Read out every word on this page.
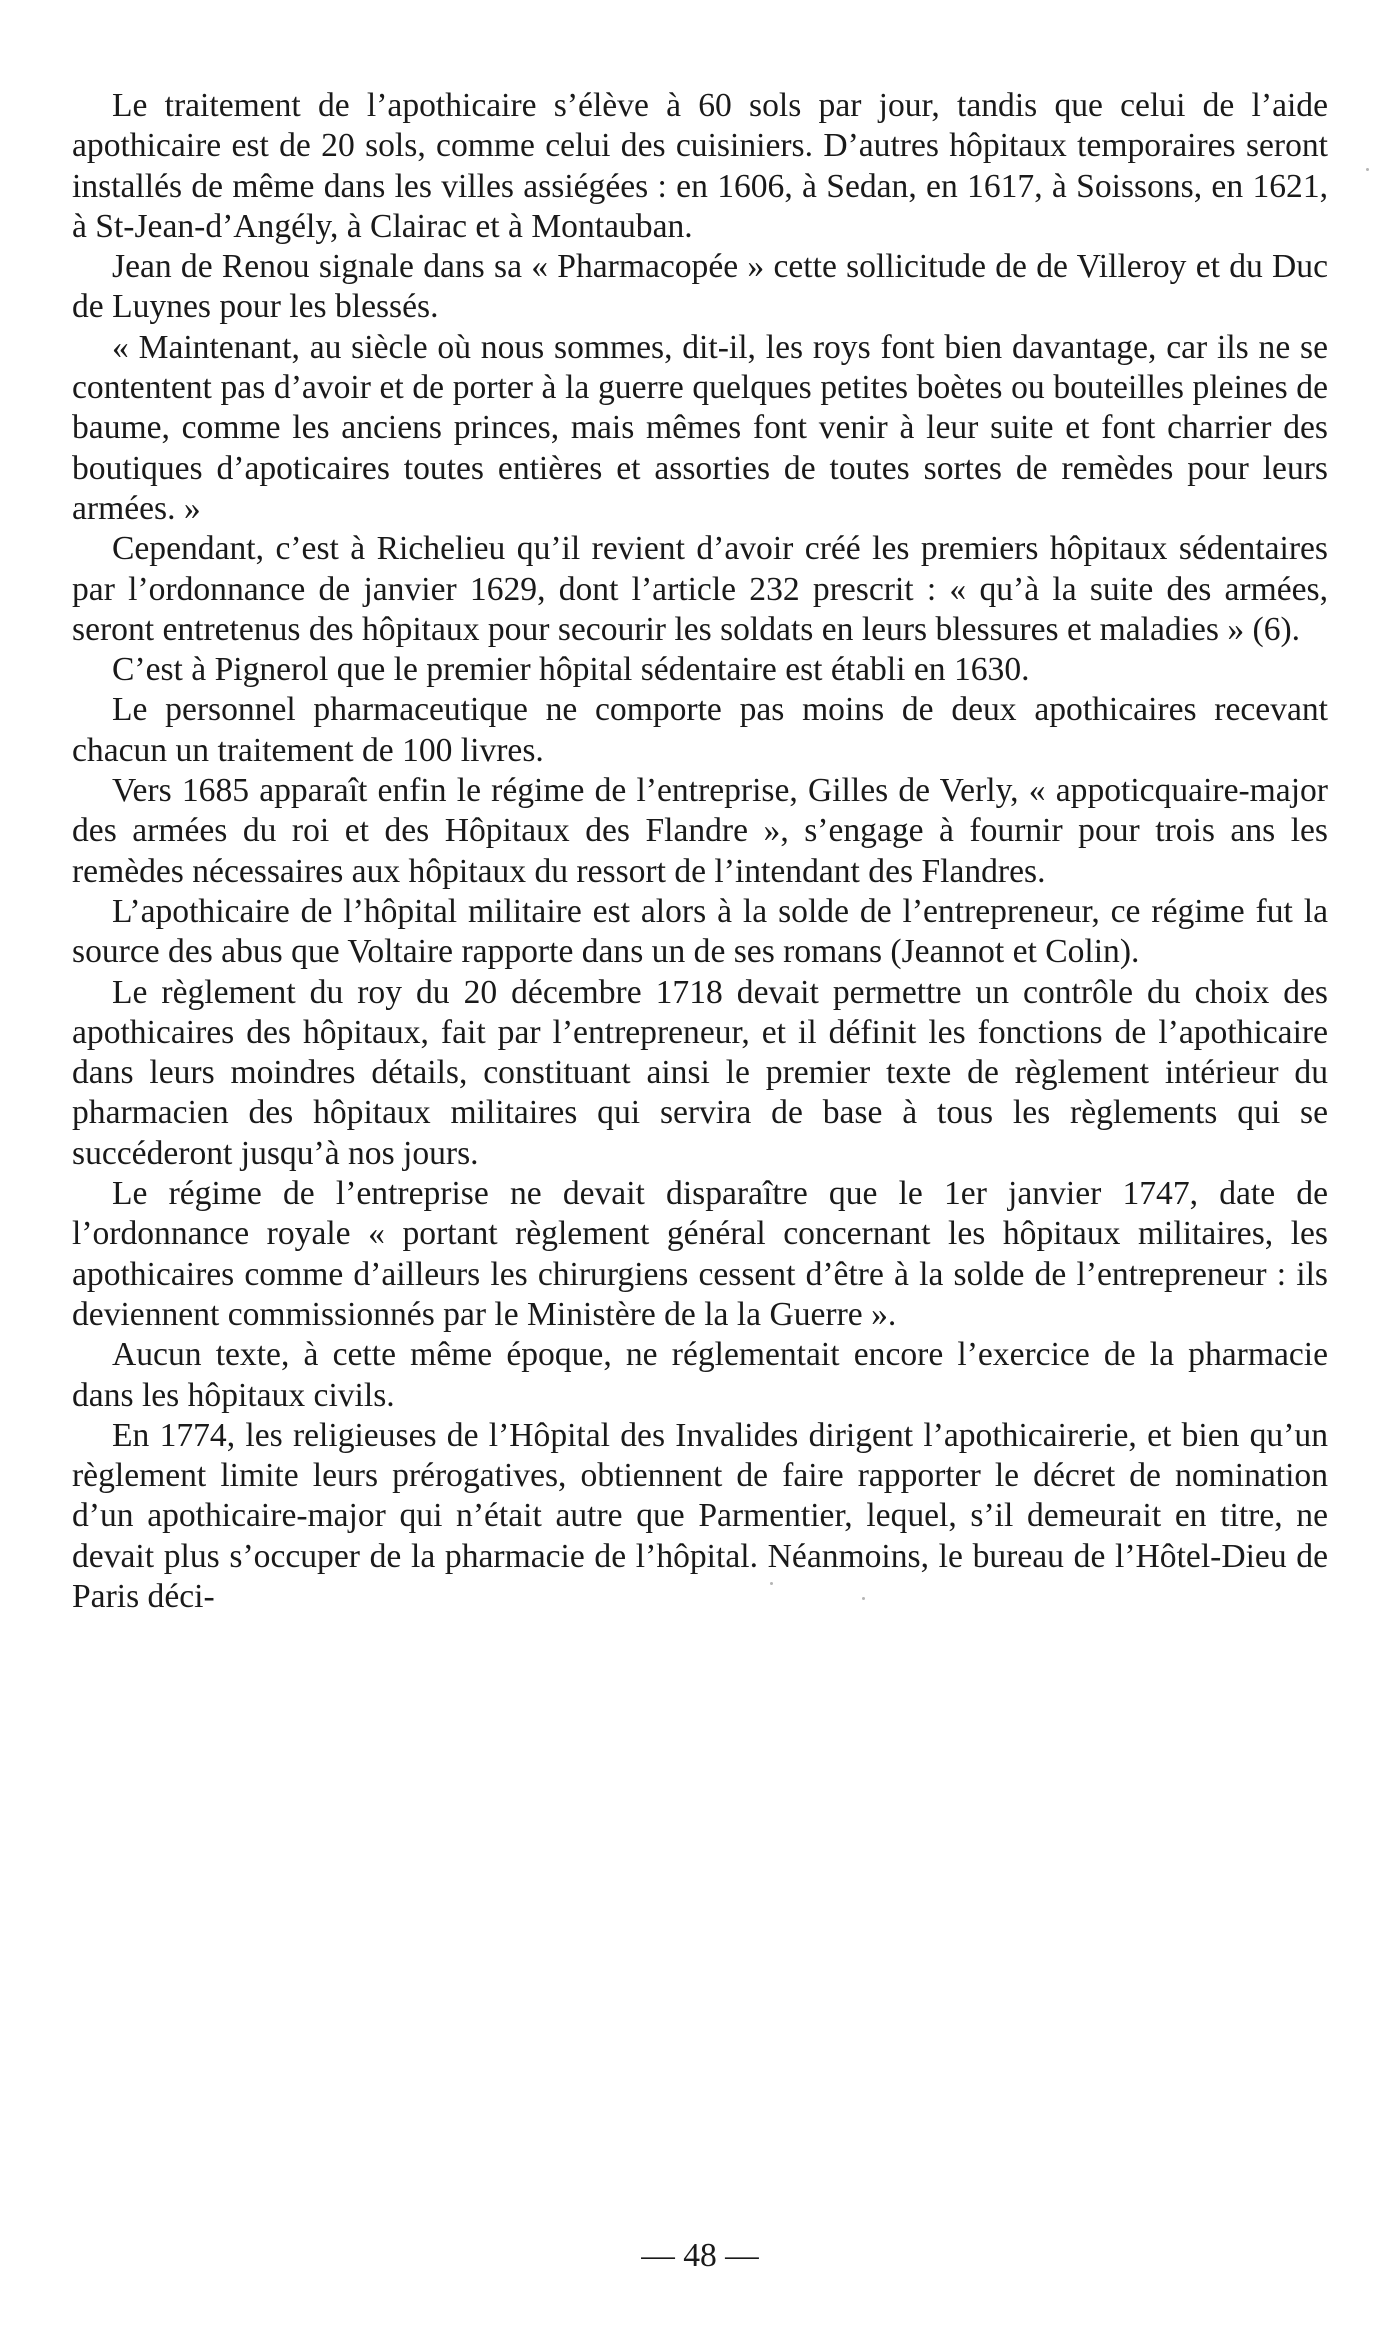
Le traitement de l’apothicaire s’élève à 60 sols par jour, tandis que celui de l’aide apothicaire est de 20 sols, comme celui des cuisiniers. D’autres hôpitaux temporaires seront installés de même dans les villes assiégées : en 1606, à Sedan, en 1617, à Soissons, en 1621, à St-Jean-d’Angély, à Clairac et à Montauban.

Jean de Renou signale dans sa « Pharmacopée » cette sollicitude de de Villeroy et du Duc de Luynes pour les blessés.

« Maintenant, au siècle où nous sommes, dit-il, les roys font bien davantage, car ils ne se contentent pas d’avoir et de porter à la guerre quelques petites boètes ou bouteilles pleines de baume, comme les anciens princes, mais mêmes font venir à leur suite et font charrier des boutiques d’apoticaires toutes entières et assorties de toutes sortes de remèdes pour leurs armées. »

Cependant, c’est à Richelieu qu’il revient d’avoir créé les premiers hôpitaux sédentaires par l’ordonnance de janvier 1629, dont l’article 232 prescrit : « qu’à la suite des armées, seront entretenus des hôpitaux pour secourir les soldats en leurs blessures et maladies » (6).

C’est à Pignerol que le premier hôpital sédentaire est établi en 1630.

Le personnel pharmaceutique ne comporte pas moins de deux apothicaires recevant chacun un traitement de 100 livres.

Vers 1685 apparaît enfin le régime de l’entreprise, Gilles de Verly, « appoticquaire-major des armées du roi et des Hôpitaux des Flandre », s’engage à fournir pour trois ans les remèdes nécessaires aux hôpitaux du ressort de l’intendant des Flandres.

L’apothicaire de l’hôpital militaire est alors à la solde de l’entrepreneur, ce régime fut la source des abus que Voltaire rapporte dans un de ses romans (Jeannot et Colin).

Le règlement du roy du 20 décembre 1718 devait permettre un contrôle du choix des apothicaires des hôpitaux, fait par l’entrepreneur, et il définit les fonctions de l’apothicaire dans leurs moindres détails, constituant ainsi le premier texte de règlement intérieur du pharmacien des hôpitaux militaires qui servira de base à tous les règlements qui se succéderont jusqu’à nos jours.

Le régime de l’entreprise ne devait disparaître que le 1er janvier 1747, date de l’ordonnance royale « portant règlement général concernant les hôpitaux militaires, les apothicaires comme d’ailleurs les chirurgiens cessent d’être à la solde de l’entrepreneur : ils deviennent commissionnés par le Ministère de la la Guerre ».

Aucun texte, à cette même époque, ne réglementait encore l’exercice de la pharmacie dans les hôpitaux civils.

En 1774, les religieuses de l’Hôpital des Invalides dirigent l’apothicairerie, et bien qu’un règlement limite leurs prérogatives, obtiennent de faire rapporter le décret de nomination d’un apothicaire-major qui n’était autre que Parmentier, lequel, s’il demeurait en titre, ne devait plus s’occuper de la pharmacie de l’hôpital. Néanmoins, le bureau de l’Hôtel-Dieu de Paris déci-

— 48 —
